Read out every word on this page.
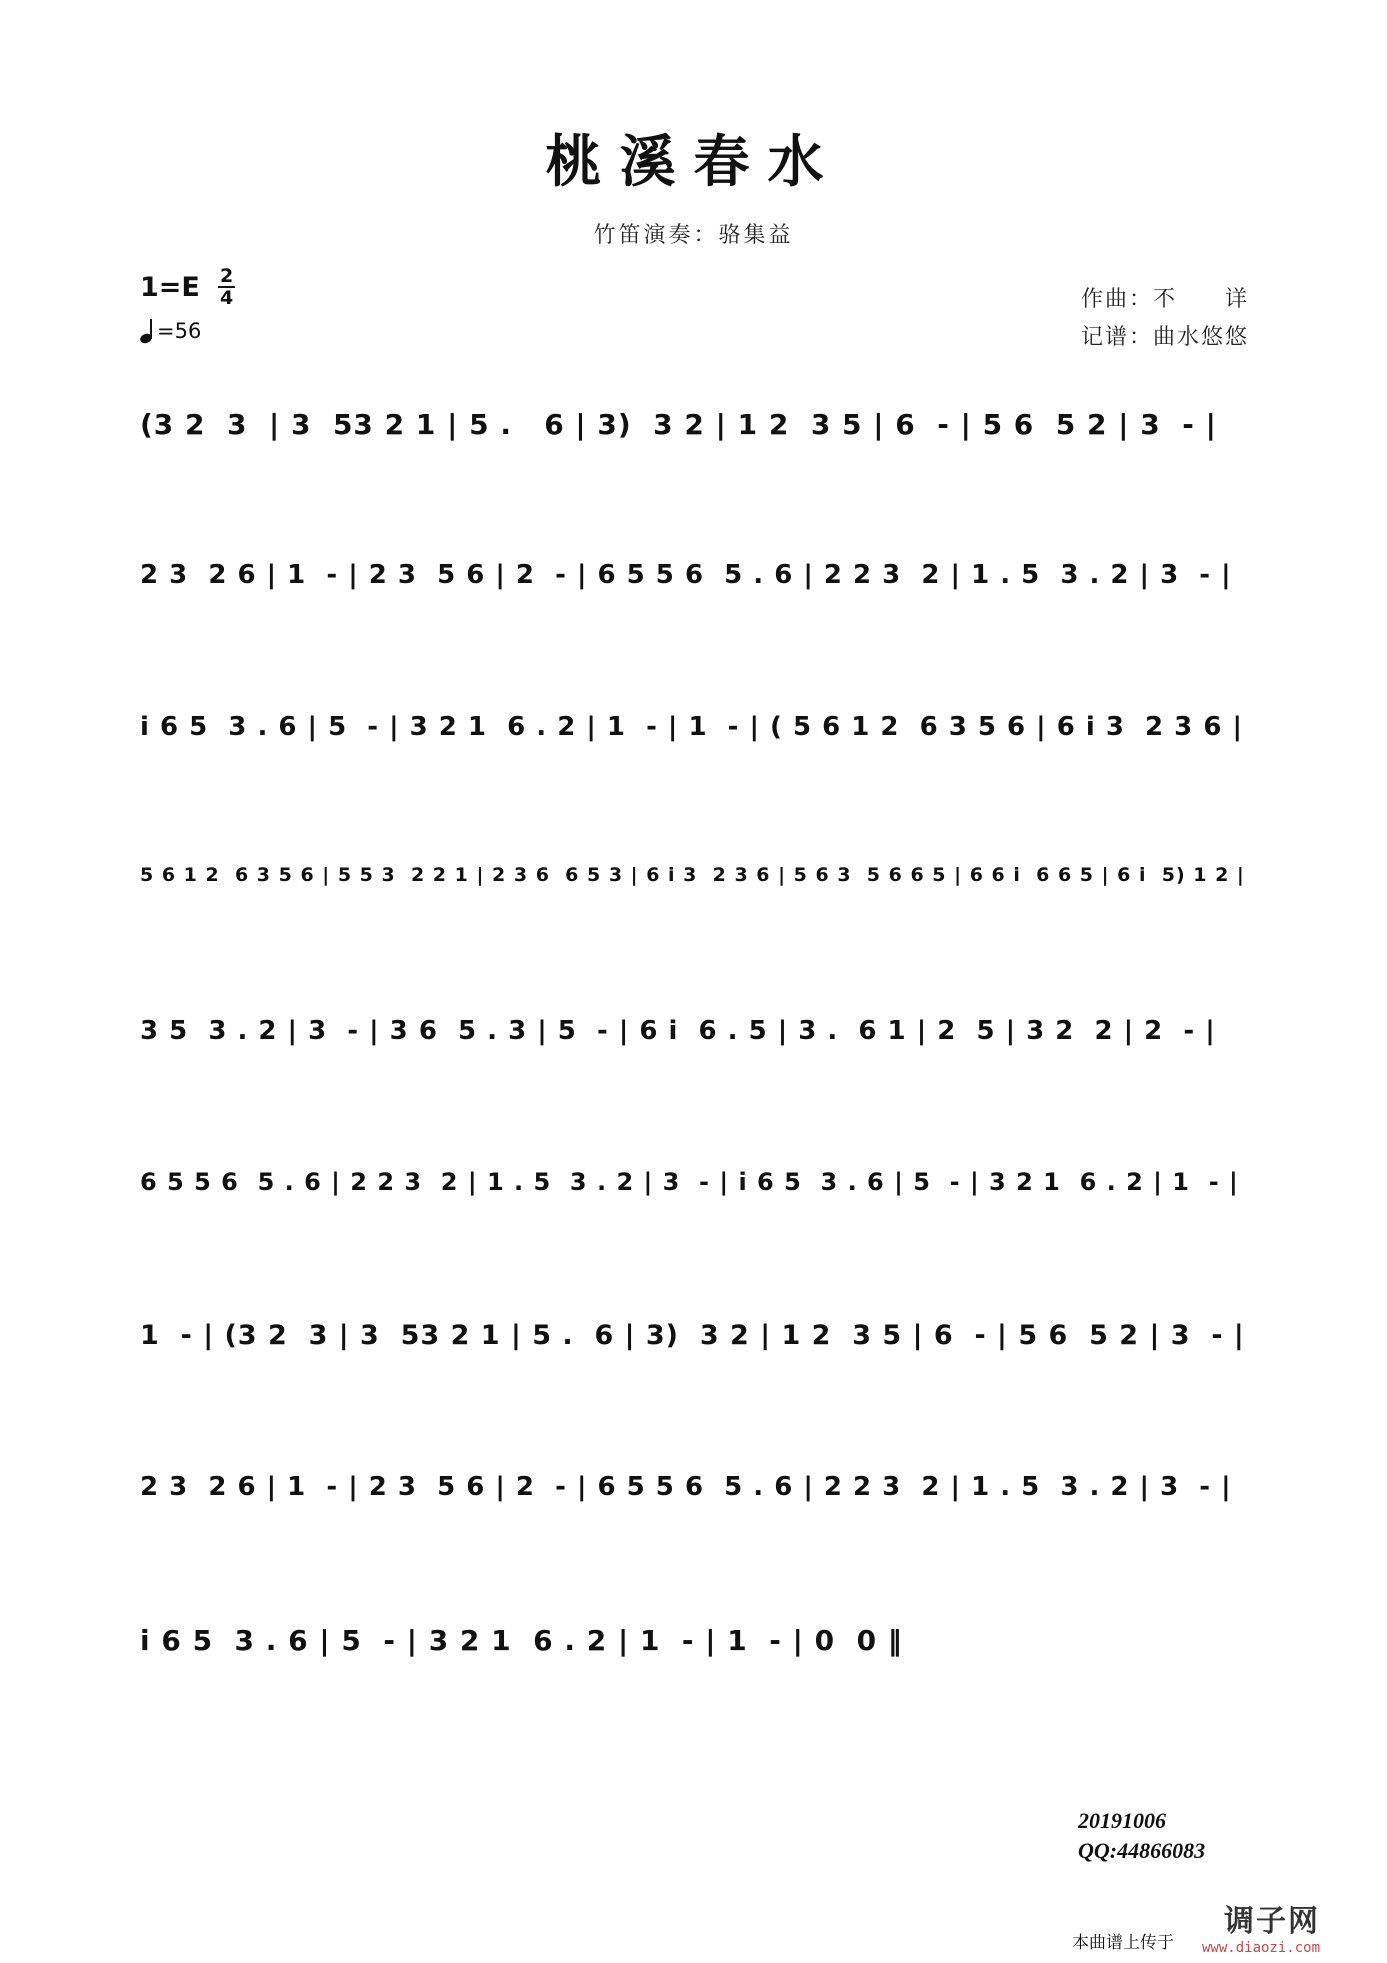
桃溪春水
竹笛演奏：骆集益
1=E 2
4
=56
作曲：不　　详
记谱：曲水悠悠
(3 2  3  | 3  53 2 1 | 5 .   6 | 3)  3 2 | 1 2  3 5 | 6  - | 5 6  5 2 | 3  - |
2 3  2 6 | 1  - | 2 3  5 6 | 2  - | 6 5 5 6  5 . 6 | 2 2 3  2 | 1 . 5  3 . 2 | 3  - |
i 6 5  3 . 6 | 5  - | 3 2 1  6 . 2 | 1  - | 1  - | ( 5 6 1 2  6 3 5 6 | 6 i 3  2 3 6 |
5 6 1 2  6 3 5 6 | 5 5 3  2 2 1 | 2 3 6  6 5 3 | 6 i 3  2 3 6 | 5 6 3  5 6 6 5 | 6 6 i  6 6 5 | 6 i  5) 1 2 |
3 5  3 . 2 | 3  - | 3 6  5 . 3 | 5  - | 6 i  6 . 5 | 3 .  6 1 | 2  5 | 3 2  2 | 2  - |
6 5 5 6  5 . 6 | 2 2 3  2 | 1 . 5  3 . 2 | 3  - | i 6 5  3 . 6 | 5  - | 3 2 1  6 . 2 | 1  - |
1  - | (3 2  3 | 3  53 2 1 | 5 .  6 | 3)  3 2 | 1 2  3 5 | 6  - | 5 6  5 2 | 3  - |
2 3  2 6 | 1  - | 2 3  5 6 | 2  - | 6 5 5 6  5 . 6 | 2 2 3  2 | 1 . 5  3 . 2 | 3  - |
i 6 5  3 . 6 | 5  - | 3 2 1  6 . 2 | 1  - | 1  - | 0  0 ‖
20191006
QQ:44866083
本曲谱上传于
调子网
www.diaozi.com
